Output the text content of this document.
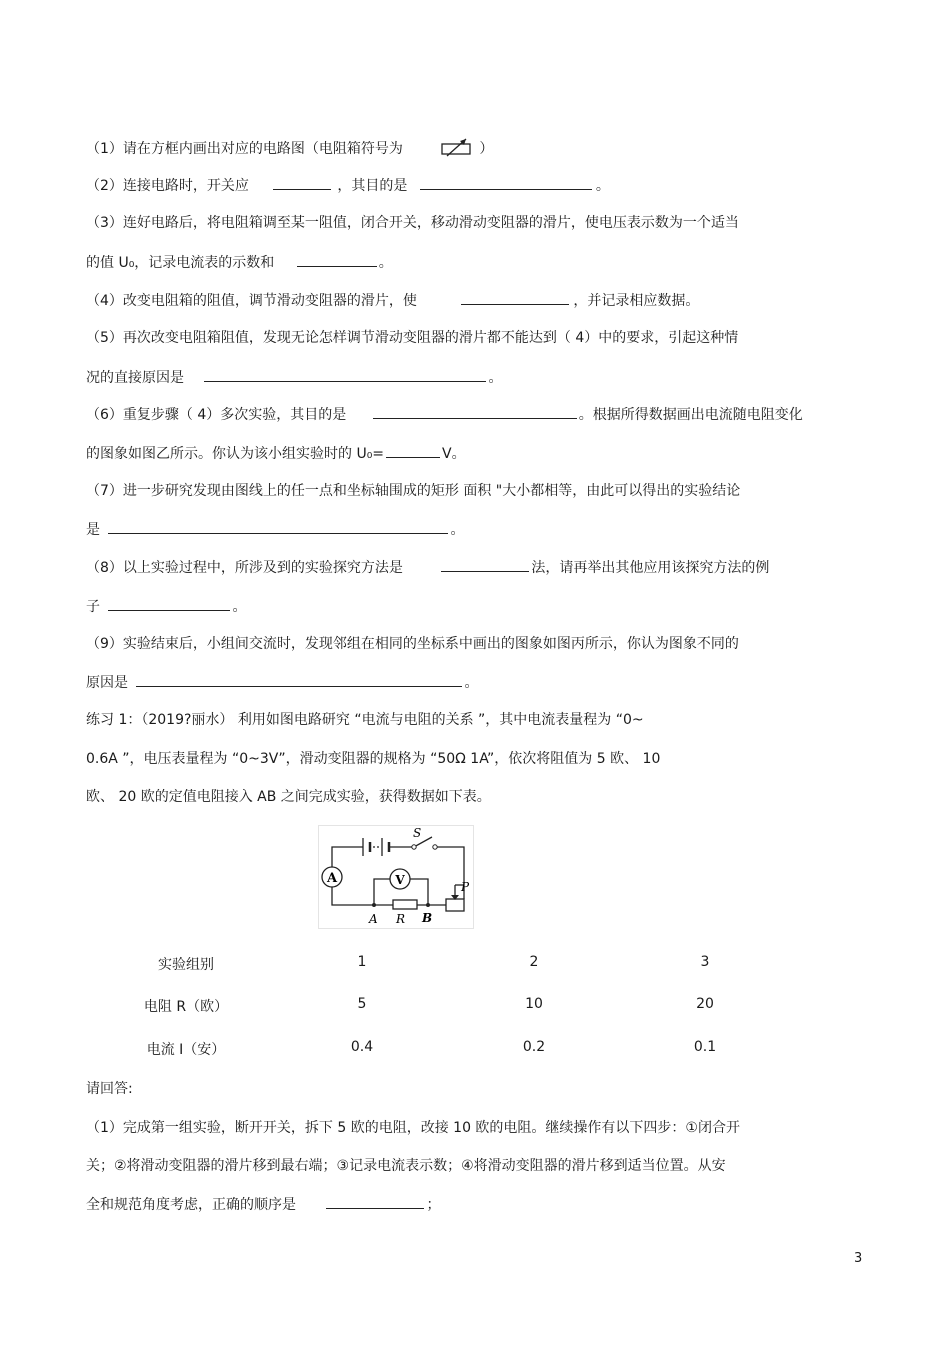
（1）请在方框内画出对应的电路图（电阻箱符号为	）
（2）连接电路时，开关应	，其目的是	。
（3）连好电路后，将电阻箱调至某一阻值，闭合开关，移动滑动变阻器的滑片，使电压表示数为一个适当
的值 U₀，记录电流表的示数和	。
（4）改变电阻箱的阻值，调节滑动变阻器的滑片，使	，并记录相应数据。
（5）再次改变电阻箱阻值，发现无论怎样调节滑动变阻器的滑片都不能达到（ 4）中的要求，引起这种情
况的直接原因是	。
（6）重复步骤（ 4）多次实验，其目的是	。根据所得数据画出电流随电阻变化
的图象如图乙所示。你认为该小组实验时的 U₀=	V。
（7）进一步研究发现由图线上的任一点和坐标轴围成的矩形 面积 "大小都相等，由此可以得出的实验结论
是	。
（8）以上实验过程中，所涉及到的实验探究方法是	法，请再举出其他应用该探究方法的例
子	。
（9）实验结束后，小组间交流时，发现邻组在相同的坐标系中画出的图象如图丙所示，你认为图象不同的
原因是	。
练习 1：（2019?丽水） 利用如图电路研究 “电流与电阻的关系 ”，其中电流表量程为 “0~
0.6A ”，电压表量程为 “0~3V”，滑动变阻器的规格为 “50Ω 1A”，依次将阻值为 5 欧、 10
欧、 20 欧的定值电阻接入 AB 之间完成实验，获得数据如下表。
A	V
S
P
A R B
实验组别	1	2	3
电阻 R（欧）	5	10	20
电流 I（安）	0.4	0.2	0.1
请回答:
（1）完成第一组实验，断开开关，拆下 5 欧的电阻，改接 10 欧的电阻。继续操作有以下四步：①闭合开
关；②将滑动变阻器的滑片移到最右端；③记录电流表示数；④将滑动变阻器的滑片移到适当位置。从安
全和规范角度考虑，正确的顺序是	；
3
